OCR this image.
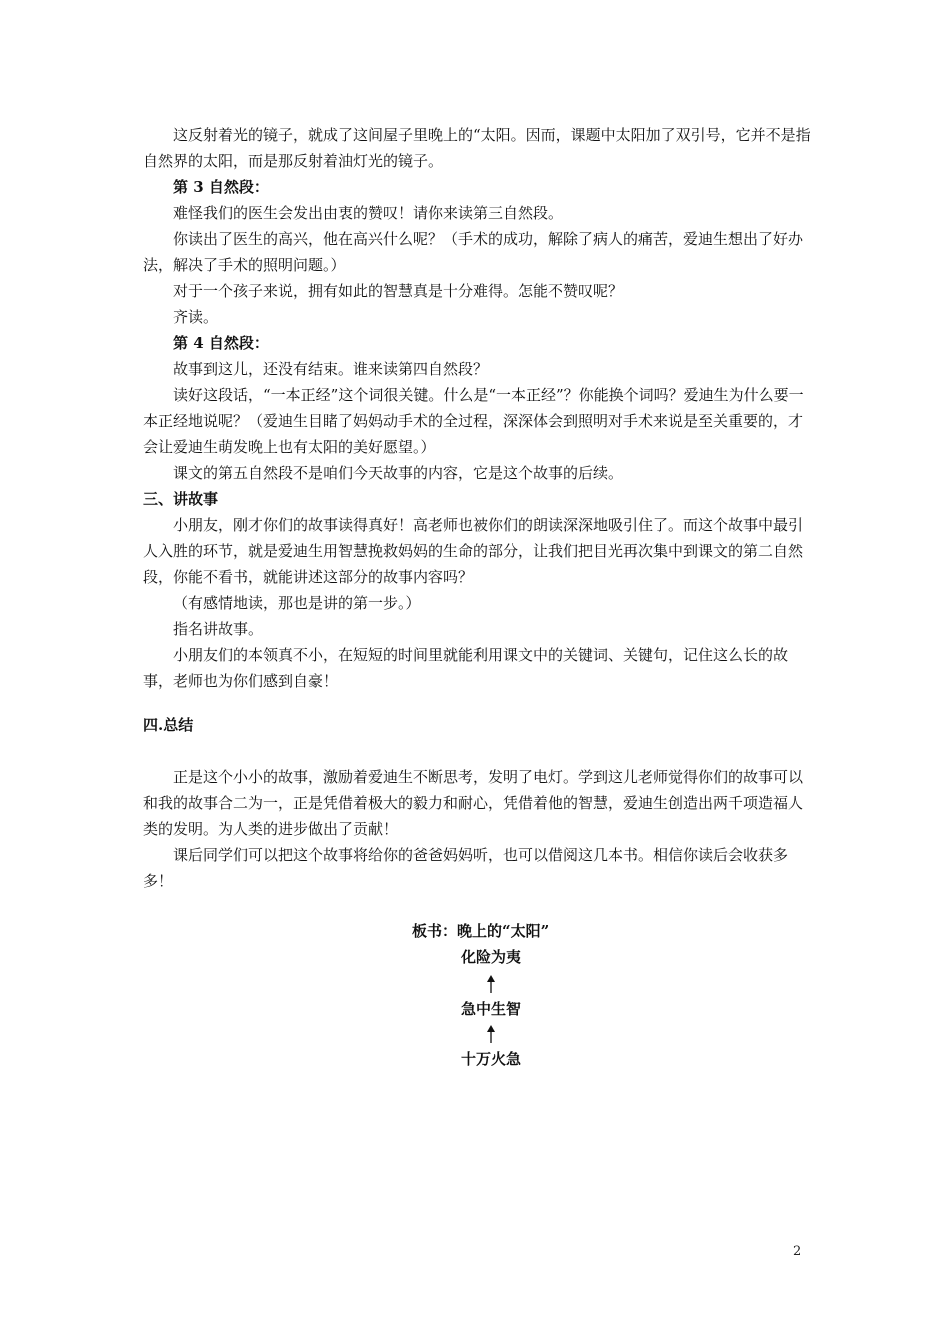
这反射着光的镜子，就成了这间屋子里晚上的“太阳。因而，课题中太阳加了双引号，它并不是指自然界的太阳，而是那反射着油灯光的镜子。

第 3 自然段：

难怪我们的医生会发出由衷的赞叹！请你来读第三自然段。

你读出了医生的高兴，他在高兴什么呢？（手术的成功，解除了病人的痛苦，爱迪生想出了好办法，解决了手术的照明问题。）

对于一个孩子来说，拥有如此的智慧真是十分难得。怎能不赞叹呢？

齐读。

第 4 自然段：

故事到这儿，还没有结束。谁来读第四自然段？

读好这段话，“一本正经”这个词很关键。什么是“一本正经”？你能换个词吗？爱迪生为什么要一本正经地说呢？（爱迪生目睹了妈妈动手术的全过程，深深体会到照明对手术来说是至关重要的，才会让爱迪生萌发晚上也有太阳的美好愿望。）

课文的第五自然段不是咱们今天故事的内容，它是这个故事的后续。

三、讲故事

小朋友，刚才你们的故事读得真好！高老师也被你们的朗读深深地吸引住了。而这个故事中最引人入胜的环节，就是爱迪生用智慧挽救妈妈的生命的部分，让我们把目光再次集中到课文的第二自然段，你能不看书，就能讲述这部分的故事内容吗？

（有感情地读，那也是讲的第一步。）

指名讲故事。

小朋友们的本领真不小，在短短的时间里就能利用课文中的关键词、关键句，记住这么长的故事，老师也为你们感到自豪！

四.总结

正是这个小小的故事，激励着爱迪生不断思考，发明了电灯。学到这儿老师觉得你们的故事可以和我的故事合二为一，正是凭借着极大的毅力和耐心，凭借着他的智慧，爱迪生创造出两千项造福人类的发明。为人类的进步做出了贡献！

课后同学们可以把这个故事将给你的爸爸妈妈听，也可以借阅这几本书。相信你读后会收获多多！

板书：晚上的“太阳”
化险为夷
急中生智
十万火急
2
